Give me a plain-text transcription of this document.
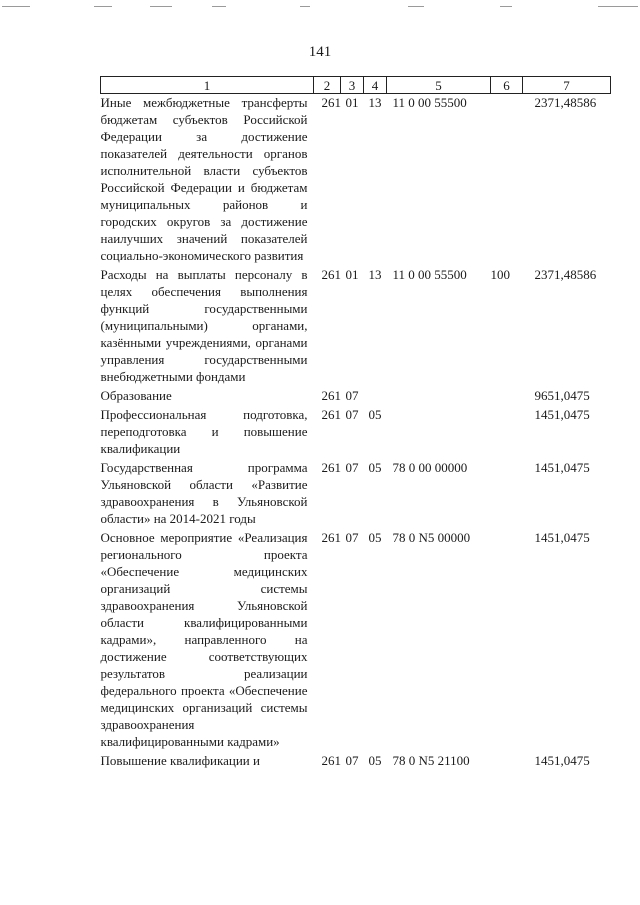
141
1	2	3	4	5	6	7
Иные межбюджетные трансферты бюджетам субъектов Российской Федерации за достижение показателей деятельности органов исполнительной власти субъектов Российской Федерации и бюджетам муниципальных районов и городских округов за достижение наилучших значений показателей социально-экономического развития	261	01	13	11 0 00 55500		2371,48586
Расходы на выплаты персоналу в целях обеспечения выполнения функций государственными (муниципальными) органами, казёнными учреждениями, органами управления государственными внебюджетными фондами	261	01	13	11 0 00 55500	100	2371,48586
Образование	261	07				9651,0475
Профессиональная подготовка, переподготовка и повышение квалификации	261	07	05			1451,0475
Государственная программа Ульяновской области «Развитие здравоохранения в Ульяновской области» на 2014-2021 годы	261	07	05	78 0 00 00000		1451,0475
Основное мероприятие «Реализация регионального проекта «Обеспечение медицинских организаций системы здравоохранения Ульяновской области квалифицированными кадрами», направленного на достижение соответствующих результатов реализации федерального проекта «Обеспечение медицинских организаций системы здравоохранения квалифицированными кадрами»	261	07	05	78 0 N5 00000		1451,0475
Повышение квалификации и	261	07	05	78 0 N5 21100		1451,0475
